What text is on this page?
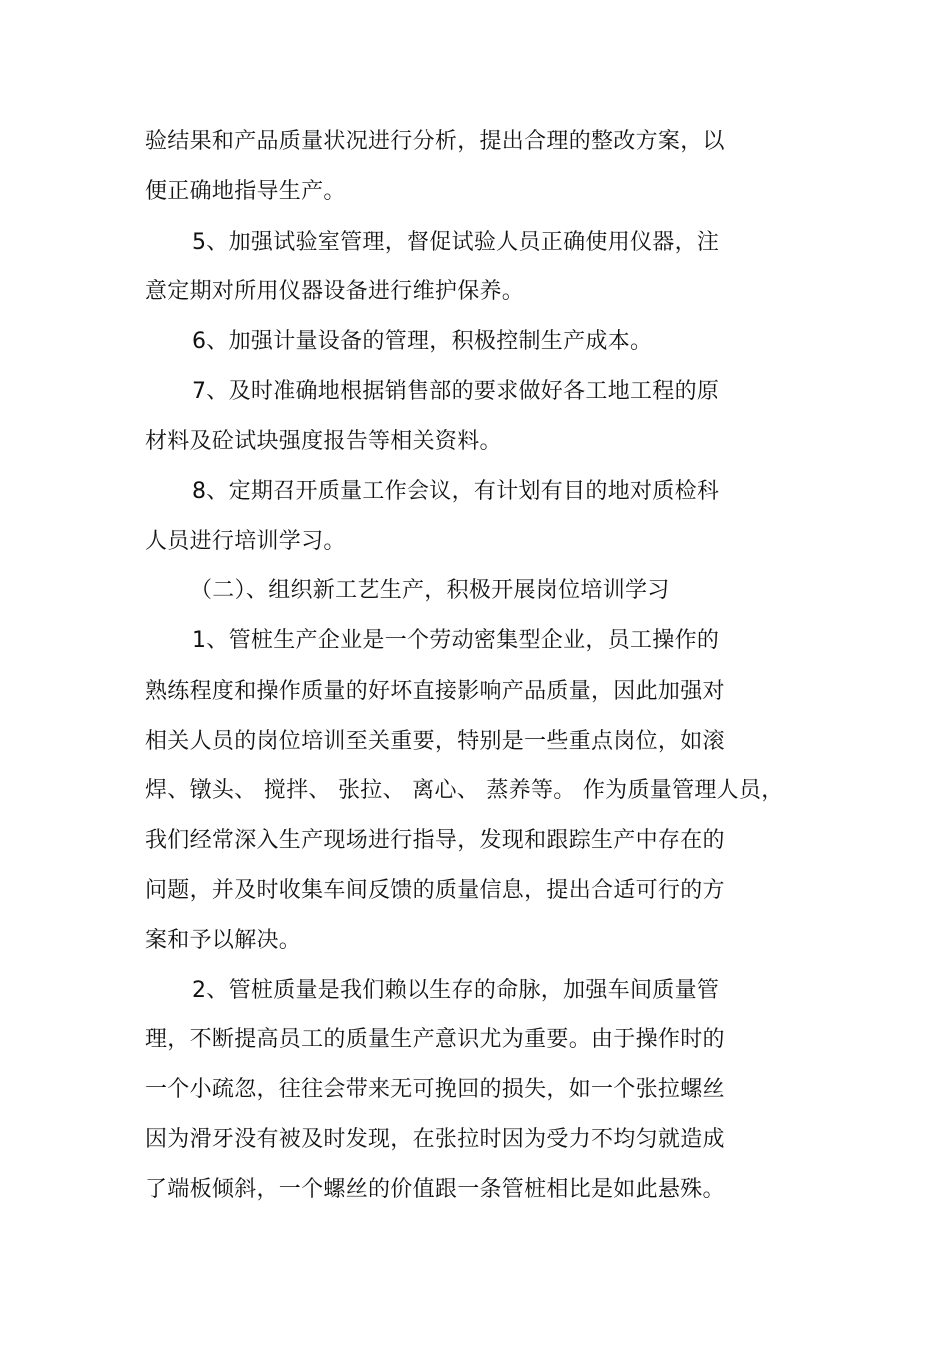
验结果和产品质量状况进行分析，提出合理的整改方案，以
便正确地指导生产。
5、加强试验室管理，督促试验人员正确使用仪器，注
意定期对所用仪器设备进行维护保养。
6、加强计量设备的管理，积极控制生产成本。
7、及时准确地根据销售部的要求做好各工地工程的原
材料及砼试块强度报告等相关资料。
8、定期召开质量工作会议，有计划有目的地对质检科
人员进行培训学习。
（二）、组织新工艺生产，积极开展岗位培训学习
1、管桩生产企业是一个劳动密集型企业，员工操作的
熟练程度和操作质量的好坏直接影响产品质量，因此加强对
相关人员的岗位培训至关重要，特别是一些重点岗位，如滚
焊、镦头、 搅拌、 张拉、 离心、 蒸养等。 作为质量管理人员，
我们经常深入生产现场进行指导，发现和跟踪生产中存在的
问题，并及时收集车间反馈的质量信息，提出合适可行的方
案和予以解决。
2、管桩质量是我们赖以生存的命脉，加强车间质量管
理，不断提高员工的质量生产意识尤为重要。由于操作时的
一个小疏忽，往往会带来无可挽回的损失，如一个张拉螺丝
因为滑牙没有被及时发现，在张拉时因为受力不均匀就造成
了端板倾斜，一个螺丝的价值跟一条管桩相比是如此悬殊。
